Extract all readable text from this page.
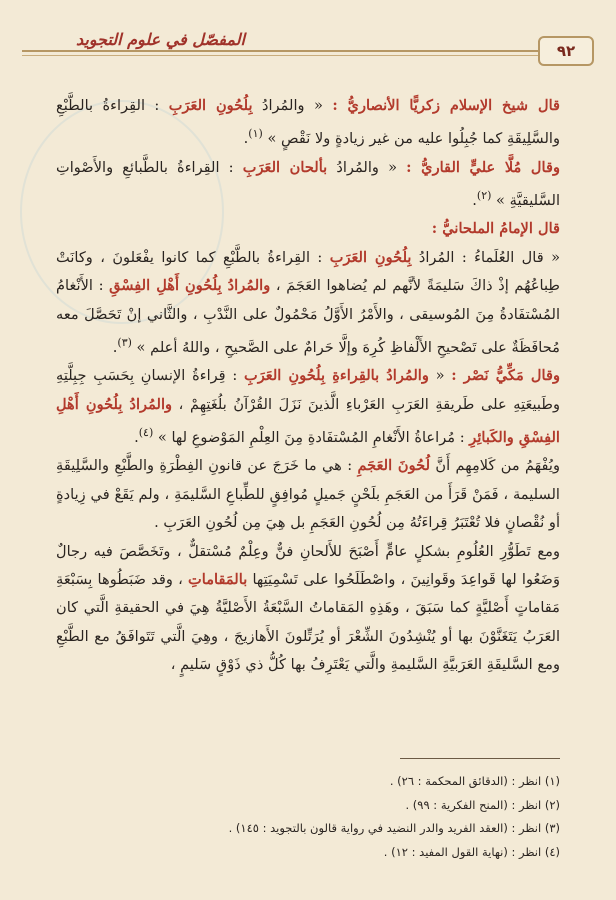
٩٢
المفصّل في علوم التجويد

قال شيخ الإسلام زكريًّا الأنصاريُّ : « والمُرادُ بِلُحُونِ العَرَبِ : القِراءةُ بالطَّبْعِ والسَّلِيقَةِ كما جُبِلُوا عليه من غير زيادةٍ ولا نَقْصٍ » $^{(١)}$.

وقال مُلَّا عليٍّ القاريُّ : « والمُرادُ بألحان العَرَبِ : القِراءةُ بالطَّبائعِ والأَصْواتِ السَّليقيَّةِ » $^{(٢)}$.

قال الإمامُ الملحانيُّ :

« قال العُلَماءُ : المُرادُ بِلُحُونِ العَرَبِ : القِراءةُ بالطَّبْعِ كما كانوا يفْعَلونَ ، وكانَتْ طِباعُهُم إذْ ذاكَ سَليمَةً لأنَّهم لم يُضاهوا العَجَمَ ، والمُرادُ بِلُحُونِ أَهْلِ الفِسْقِ : الأَنْغامُ المُسْتفَادةُ مِنَ المُوسيقى ، والأَمْرُ الأَوَّلُ مَحْمُولٌ على النَّدْبِ ، والثَّاني إنْ تَحَصَّلَ معه مُحافَظَةٌ على تَصْحيحِ الأَلْفاظِ كُرِهَ وإلَّا حَرامٌ على الصَّحيحِ ، واللهُ أعلم » $^{(٣)}$.

وقال مَكِّيُّ نَصْر : « والمُرادُ بالقِراءةِ بِلُحُونِ العَرَبِ : قِراءةُ الإنسانِ بِحَسَبِ جِبِلَّتِهِ وطَبيعَتِهِ على طَريقةِ العَرَبِ العَرْباءِ الَّذينَ نَزَلَ القُرْآنُ بلُغَتِهِمْ ، والمُرادُ بِلُحُونِ أَهْلِ الفِسْقِ والكَبائِرِ : مُراعاةُ الأَنْغامِ المُسْتفَادةِ مِنَ العِلْمِ المَوْضوعِ لها » $^{(٤)}$.

ويُفْهَمُ من كَلامِهِم أَنَّ لُحُونَ العَجَمِ : هي ما خَرَجَ عن قانونِ الفِطْرَةِ والطَّبْعِ والسَّلِيقَةِ السليمة ، فَمَنْ قَرَأَ من العَجَمِ بلَحْنٍ جَميلٍ مُوافِقٍ للطِّباعِ السَّليمَةِ ، ولم يَقَعْ في زِيادةٍ أو نُقْصانٍ فلا تُعْتَبَرُ قِراءَتُهُ مِن لُحُونِ العَجَمِ بل هِيَ مِن لُحُونِ العَرَبِ .

ومع تَطَوُّرِ العُلُومِ بشكلٍ عامٍّ أَصْبَحَ للأَلحانِ فنٌّ وعِلْمٌ مُسْتقلٌّ ، وتَخَصَّصَ فيه رجالٌ وَضَعُوا لها قَواعِدَ وقَوانِينَ ، واصْطَلَحُوا على تَسْمِيَتِها بالمَقاماتِ ، وقد ضَبَطُوها بِسَبْعَةِ مَقاماتٍ أَصْليَّةٍ كما سَبَقَ ، وهَذِهِ المَقاماتُ السَّبْعَةُ الأَصْليَّةُ هِيَ في الحقيقةِ الَّتي كان العَرَبُ يَتَغَنَّوْنَ بها أو يُنْشِدُونَ الشِّعْرَ أو يُرَتِّلونَ الأَهازيجَ ، وهِيَ الَّتي تَتَوافَقُ مع الطَّبْعِ ومع السَّليقَةِ العَرَبيَّةِ السَّليمةِ والَّتي يَعْتَرِفُ بها كُلُّ ذي ذَوْقٍ سَليمٍ ،

(١) انظر : (الدقائق المحكمة : ٢٦) .
(٢) انظر : (المنح الفكرية : ٩٩) .
(٣) انظر : (العقد الفريد والدر النضيد في رواية قالون بالتجويد : ١٤٥) .
(٤) انظر : (نهاية القول المفيد : ١٢) .
